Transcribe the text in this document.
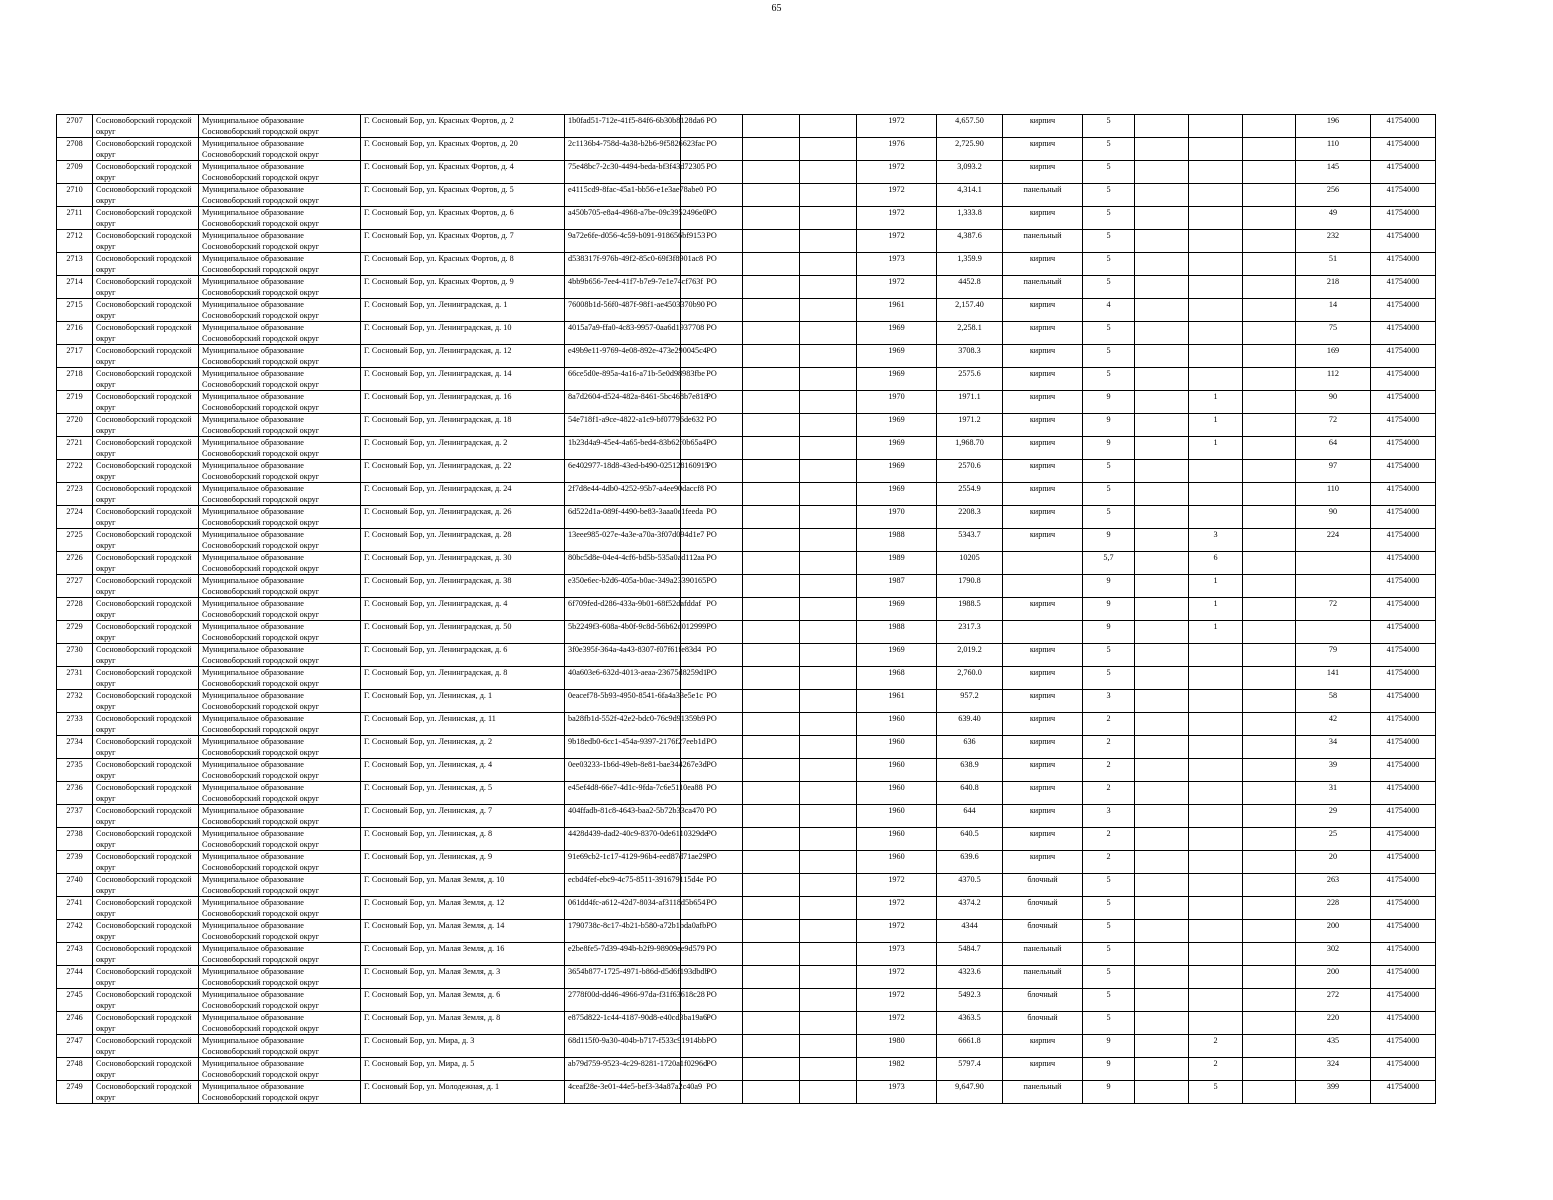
65
2707	Сосновоборский городской округ	Муниципальное образование Сосновоборский городской округ	Г. Сосновый Бор, ул. Красных Фортов, д. 2	1b0fad51-712e-41f5-84f6-6b30b8128da6	РО			1972	4,657.50	кирпич	5				196	41754000
2708	Сосновоборский городской округ	Муниципальное образование Сосновоборский городской округ	Г. Сосновый Бор, ул. Красных Фортов, д. 20	2c1136b4-758d-4a38-b2b6-9f5826623fac	РО			1976	2,725.90	кирпич	5				110	41754000
2709	Сосновоборский городской округ	Муниципальное образование Сосновоборский городской округ	Г. Сосновый Бор, ул. Красных Фортов, д. 4	75e48bc7-2c30-4494-beda-bf3f43d72305	РО			1972	3,093.2	кирпич	5				145	41754000
2710	Сосновоборский городской округ	Муниципальное образование Сосновоборский городской округ	Г. Сосновый Бор, ул. Красных Фортов, д. 5	e4115cd9-8fac-45a1-bb56-e1e3ae78abe0	РО			1972	4,314.1	панельный	5				256	41754000
2711	Сосновоборский городской округ	Муниципальное образование Сосновоборский городской округ	Г. Сосновый Бор, ул. Красных Фортов, д. 6	a450b705-e8a4-4968-a7be-09c3952496e0	РО			1972	1,333.8	кирпич	5				49	41754000
2712	Сосновоборский городской округ	Муниципальное образование Сосновоборский городской округ	Г. Сосновый Бор, ул. Красных Фортов, д. 7	9a72e6fe-d056-4c59-b091-918656bf9153	РО			1972	4,387.6	панельный	5				232	41754000
2713	Сосновоборский городской округ	Муниципальное образование Сосновоборский городской округ	Г. Сосновый Бор, ул. Красных Фортов, д. 8	d538317f-976b-49f2-85c0-69f3f8901ac8	РО			1973	1,359.9	кирпич	5				51	41754000
2714	Сосновоборский городской округ	Муниципальное образование Сосновоборский городской округ	Г. Сосновый Бор, ул. Красных Фортов, д. 9	4bb9b656-7ee4-41f7-b7e9-7e1e74cf763f	РО			1972	4452.8	панельный	5				218	41754000
2715	Сосновоборский городской округ	Муниципальное образование Сосновоборский городской округ	Г. Сосновый Бор, ул. Ленинградская, д. 1	76008b1d-56f0-487f-98f1-ae4503370b90	РО			1961	2,157.40	кирпич	4				14	41754000
2716	Сосновоборский городской округ	Муниципальное образование Сосновоборский городской округ	Г. Сосновый Бор, ул. Ленинградская, д. 10	4015a7a9-ffa0-4c83-9957-0aa6d1937708	РО			1969	2,258.1	кирпич	5				75	41754000
2717	Сосновоборский городской округ	Муниципальное образование Сосновоборский городской округ	Г. Сосновый Бор, ул. Ленинградская, д. 12	e49b9e11-9769-4e08-892e-473e290045c4	РО			1969	3708.3	кирпич	5				169	41754000
2718	Сосновоборский городской округ	Муниципальное образование Сосновоборский городской округ	Г. Сосновый Бор, ул. Ленинградская, д. 14	66ce5d0e-895a-4a16-a71b-5e0d98983fbe	РО			1969	2575.6	кирпич	5				112	41754000
2719	Сосновоборский городской округ	Муниципальное образование Сосновоборский городской округ	Г. Сосновый Бор, ул. Ленинградская, д. 16	8a7d2604-d524-482a-8461-5bc468b7e818	РО			1970	1971.1	кирпич	9		1		90	41754000
2720	Сосновоборский городской округ	Муниципальное образование Сосновоборский городской округ	Г. Сосновый Бор, ул. Ленинградская, д. 18	54e718f1-a9ce-4822-a1c9-bf07796de632	РО			1969	1971.2	кирпич	9		1		72	41754000
2721	Сосновоборский городской округ	Муниципальное образование Сосновоборский городской округ	Г. Сосновый Бор, ул. Ленинградская, д. 2	1b23d4a9-45e4-4a65-bed4-83b62f0b65a4	РО			1969	1,968.70	кирпич	9		1		64	41754000
2722	Сосновоборский городской округ	Муниципальное образование Сосновоборский городской округ	Г. Сосновый Бор, ул. Ленинградская, д. 22	6e402977-18d8-43ed-b490-025128160915	РО			1969	2570.6	кирпич	5				97	41754000
2723	Сосновоборский городской округ	Муниципальное образование Сосновоборский городской округ	Г. Сосновый Бор, ул. Ленинградская, д. 24	2f7d8e44-4db0-4252-95b7-a4ee90daccf8	РО			1969	2554.9	кирпич	5				110	41754000
2724	Сосновоборский городской округ	Муниципальное образование Сосновоборский городской округ	Г. Сосновый Бор, ул. Ленинградская, д. 26	6d522d1a-089f-4490-be83-3aaa0e1feeda	РО			1970	2208.3	кирпич	5				90	41754000
2725	Сосновоборский городской округ	Муниципальное образование Сосновоборский городской округ	Г. Сосновый Бор, ул. Ленинградская, д. 28	13eee985-027e-4a3e-a70a-3f07d094d1e7	РО			1988	5343.7	кирпич	9		3		224	41754000
2726	Сосновоборский городской округ	Муниципальное образование Сосновоборский городской округ	Г. Сосновый Бор, ул. Ленинградская, д. 30	80bc5d8e-04e4-4cf6-bd5b-535a0ad112aa	РО			1989	10205		5,7		6			41754000
2727	Сосновоборский городской округ	Муниципальное образование Сосновоборский городской округ	Г. Сосновый Бор, ул. Ленинградская, д. 38	e350e6ec-b2d6-405a-b0ac-349a23390165	РО			1987	1790.8		9		1			41754000
2728	Сосновоборский городской округ	Муниципальное образование Сосновоборский городской округ	Г. Сосновый Бор, ул. Ленинградская, д. 4	6f709fed-d286-433a-9b01-68f52dafddaf	РО			1969	1988.5	кирпич	9		1		72	41754000
2729	Сосновоборский городской округ	Муниципальное образование Сосновоборский городской округ	Г. Сосновый Бор, ул. Ленинградская, д. 50	5b2249f3-608a-4b0f-9c8d-56b62d012999	РО			1988	2317.3		9		1			41754000
2730	Сосновоборский городской округ	Муниципальное образование Сосновоборский городской округ	Г. Сосновый Бор, ул. Ленинградская, д. 6	3f0e395f-364a-4a43-8307-f07f61fe83d4	РО			1969	2,019.2	кирпич	5				79	41754000
2731	Сосновоборский городской округ	Муниципальное образование Сосновоборский городской округ	Г. Сосновый Бор, ул. Ленинградская, д. 8	40a603e6-632d-4013-aeaa-23675d8259d1	РО			1968	2,760.0	кирпич	5				141	41754000
2732	Сосновоборский городской округ	Муниципальное образование Сосновоборский городской округ	Г. Сосновый Бор, ул. Ленинская, д. 1	0eacef78-5b93-4950-8541-6fa4a33e5e1c	РО			1961	957.2	кирпич	3				58	41754000
2733	Сосновоборский городской округ	Муниципальное образование Сосновоборский городской округ	Г. Сосновый Бор, ул. Ленинская, д. 11	ba28fb1d-552f-42e2-bdc0-76c9d91359b9	РО			1960	639.40	кирпич	2				42	41754000
2734	Сосновоборский городской округ	Муниципальное образование Сосновоборский городской округ	Г. Сосновый Бор, ул. Ленинская, д. 2	9b18edb0-6cc1-454a-9397-2176f27eeb1d	РО			1960	636	кирпич	2				34	41754000
2735	Сосновоборский городской округ	Муниципальное образование Сосновоборский городской округ	Г. Сосновый Бор, ул. Ленинская, д. 4	0ee03233-1b6d-49eb-8e81-bae344267e3d	РО			1960	638.9	кирпич	2				39	41754000
2736	Сосновоборский городской округ	Муниципальное образование Сосновоборский городской округ	Г. Сосновый Бор, ул. Ленинская, д. 5	e45ef4d8-66e7-4d1c-9fda-7c6e5110ea88	РО			1960	640.8	кирпич	2				31	41754000
2737	Сосновоборский городской округ	Муниципальное образование Сосновоборский городской округ	Г. Сосновый Бор, ул. Ленинская, д. 7	404ffadb-81c8-4643-baa2-5b72b33ca470	РО			1960	644	кирпич	3				29	41754000
2738	Сосновоборский городской округ	Муниципальное образование Сосновоборский городской округ	Г. Сосновый Бор, ул. Ленинская, д. 8	4428d439-dad2-40c9-8370-0de6110329de	РО			1960	640.5	кирпич	2				25	41754000
2739	Сосновоборский городской округ	Муниципальное образование Сосновоборский городской округ	Г. Сосновый Бор, ул. Ленинская, д. 9	91e69cb2-1c17-4129-96b4-eed87d71ae29	РО			1960	639.6	кирпич	2				20	41754000
2740	Сосновоборский городской округ	Муниципальное образование Сосновоборский городской округ	Г. Сосновый Бор, ул. Малая Земля, д. 10	ecbd4fef-ebc9-4c75-8511-391679115d4e	РО			1972	4370.5	блочный	5				263	41754000
2741	Сосновоборский городской округ	Муниципальное образование Сосновоборский городской округ	Г. Сосновый Бор, ул. Малая Земля, д. 12	061dd4fc-a612-42d7-8034-af3118d5b654	РО			1972	4374.2	блочный	5				228	41754000
2742	Сосновоборский городской округ	Муниципальное образование Сосновоборский городской округ	Г. Сосновый Бор, ул. Малая Земля, д. 14	1790738c-8c17-4b21-b580-a72b1bda0afb	РО			1972	4344	блочный	5				200	41754000
2743	Сосновоборский городской округ	Муниципальное образование Сосновоборский городской округ	Г. Сосновый Бор, ул. Малая Земля, д. 16	e2be8fe5-7d39-494b-b2f9-98909ee9d579	РО			1973	5484.7	панельный	5				302	41754000
2744	Сосновоборский городской округ	Муниципальное образование Сосновоборский городской округ	Г. Сосновый Бор, ул. Малая Земля, д. 3	3654b877-1725-4971-b86d-d5d6f193dbdb	РО			1972	4323.6	панельный	5				200	41754000
2745	Сосновоборский городской округ	Муниципальное образование Сосновоборский городской округ	Г. Сосновый Бор, ул. Малая Земля, д. 6	2778f00d-dd46-4966-97da-f31f63618c28	РО			1972	5492.3	блочный	5				272	41754000
2746	Сосновоборский городской округ	Муниципальное образование Сосновоборский городской округ	Г. Сосновый Бор, ул. Малая Земля, д. 8	e875d822-1c44-4187-90d8-e40cd3ba19a6	РО			1972	4363.5	блочный	5				220	41754000
2747	Сосновоборский городской округ	Муниципальное образование Сосновоборский городской округ	Г. Сосновый Бор, ул. Мира, д. 3	68d115f0-9a30-404b-b717-f533c91914bb	РО			1980	6661.8	кирпич	9		2		435	41754000
2748	Сосновоборский городской округ	Муниципальное образование Сосновоборский городской округ	Г. Сосновый Бор, ул. Мира, д. 5	ab79d759-9523-4c29-8281-1720a1f0296d	РО			1982	5797.4	кирпич	9		2		324	41754000
2749	Сосновоборский городской округ	Муниципальное образование Сосновоборский городской округ	Г. Сосновый Бор, ул. Молодежная, д. 1	4ceaf28e-3e01-44e5-bef3-34a87a2c40a9	РО			1973	9,647.90	панельный	9		5		399	41754000
